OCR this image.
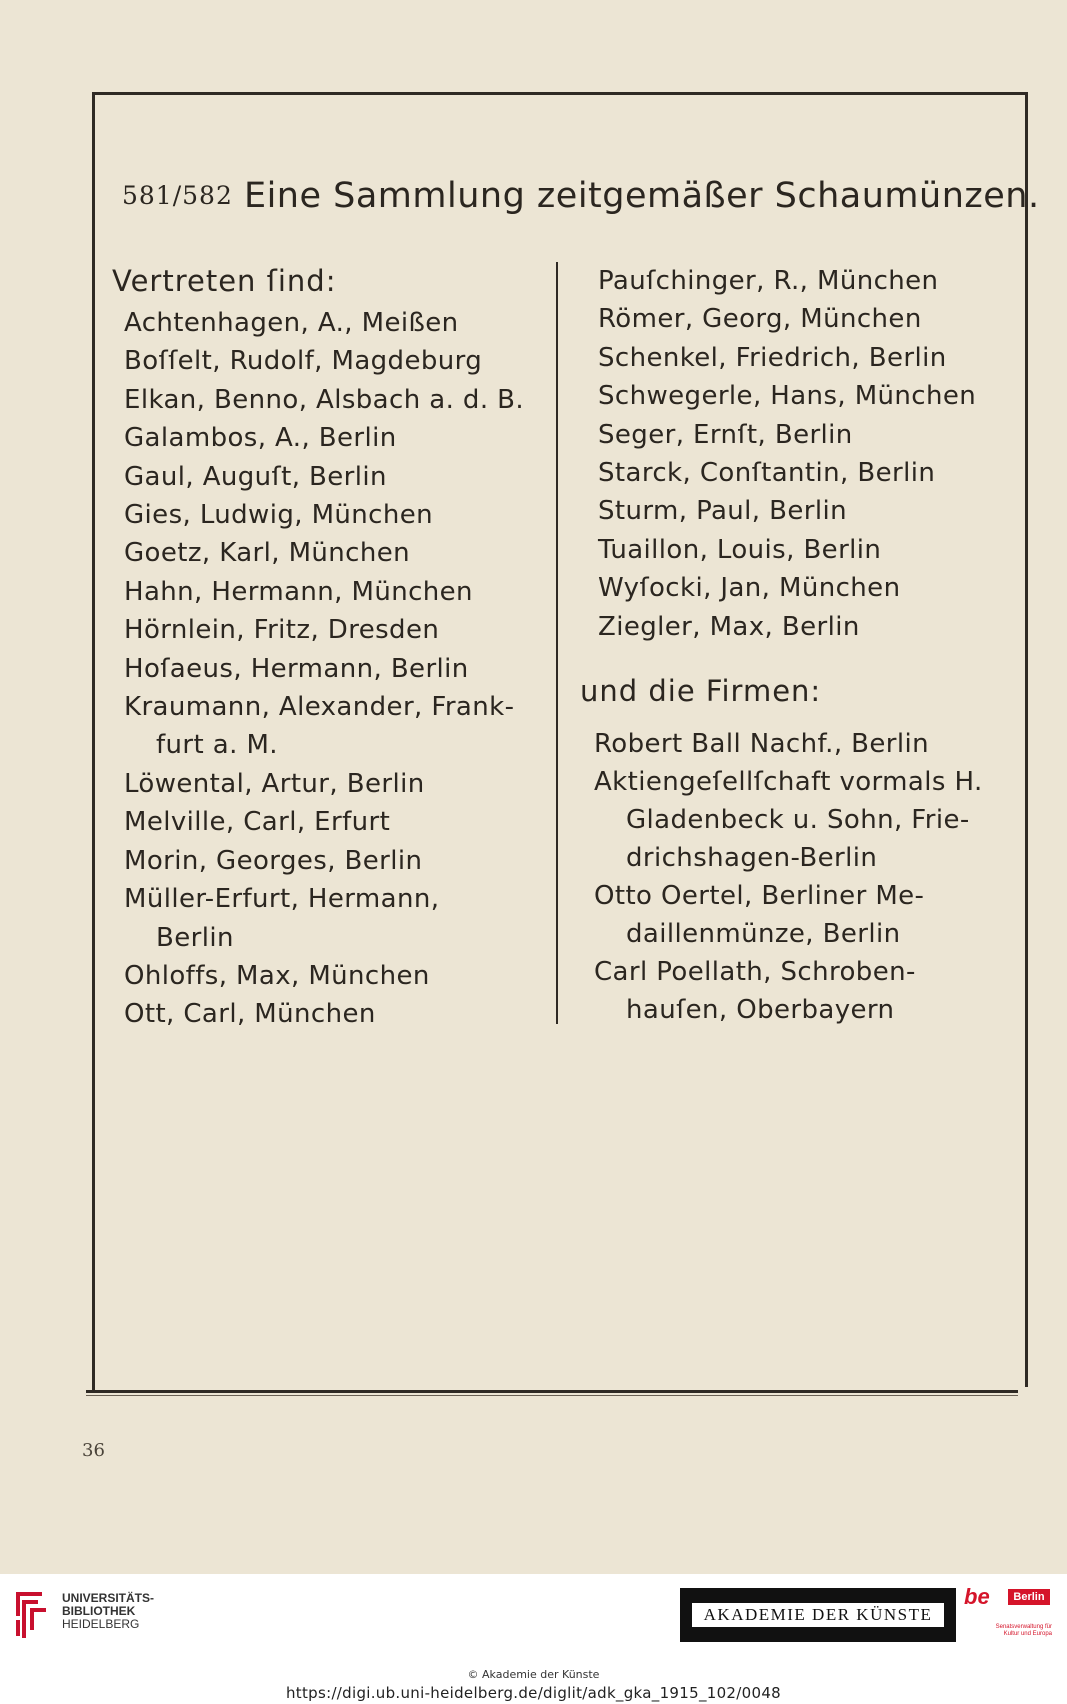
581/582 Eine Sammlung zeitgemäßer Schaumünzen.
Vertreten ſind:
Achtenhagen, A., Meißen
Boſſelt, Rudolf, Magdeburg
Elkan, Benno, Alsbach a. d. B.
Galambos, A., Berlin
Gaul, Auguſt, Berlin
Gies, Ludwig, München
Goetz, Karl, München
Hahn, Hermann, München
Hörnlein, Fritz, Dresden
Hoſaeus, Hermann, Berlin
Kraumann, Alexander, Frank-
furt a. M.
Löwental, Artur, Berlin
Melville, Carl, Erfurt
Morin, Georges, Berlin
Müller-Erfurt, Hermann,
Berlin
Ohloffs, Max, München
Ott, Carl, München
Pauſchinger, R., München
Römer, Georg, München
Schenkel, Friedrich, Berlin
Schwegerle, Hans, München
Seger, Ernſt, Berlin
Starck, Conſtantin, Berlin
Sturm, Paul, Berlin
Tuaillon, Louis, Berlin
Wyſocki, Jan, München
Ziegler, Max, Berlin
und die Firmen:
Robert Ball Nachf., Berlin
Aktiengeſellſchaft vormals H.
Gladenbeck u. Sohn, Frie-
drichshagen-Berlin
Otto Oertel, Berliner Me-
daillenmünze, Berlin
Carl Poellath, Schroben-
hauſen, Oberbayern
36
UNIVERSITÄTS-
BIBLIOTHEK
HEIDELBERG	AKADEMIE DER KÜNSTE
be	Berlin
Senatsverwaltung für Kultur und Europa
© Akademie der Künste
https://digi.ub.uni-heidelberg.de/diglit/adk_gka_1915_102/0048
